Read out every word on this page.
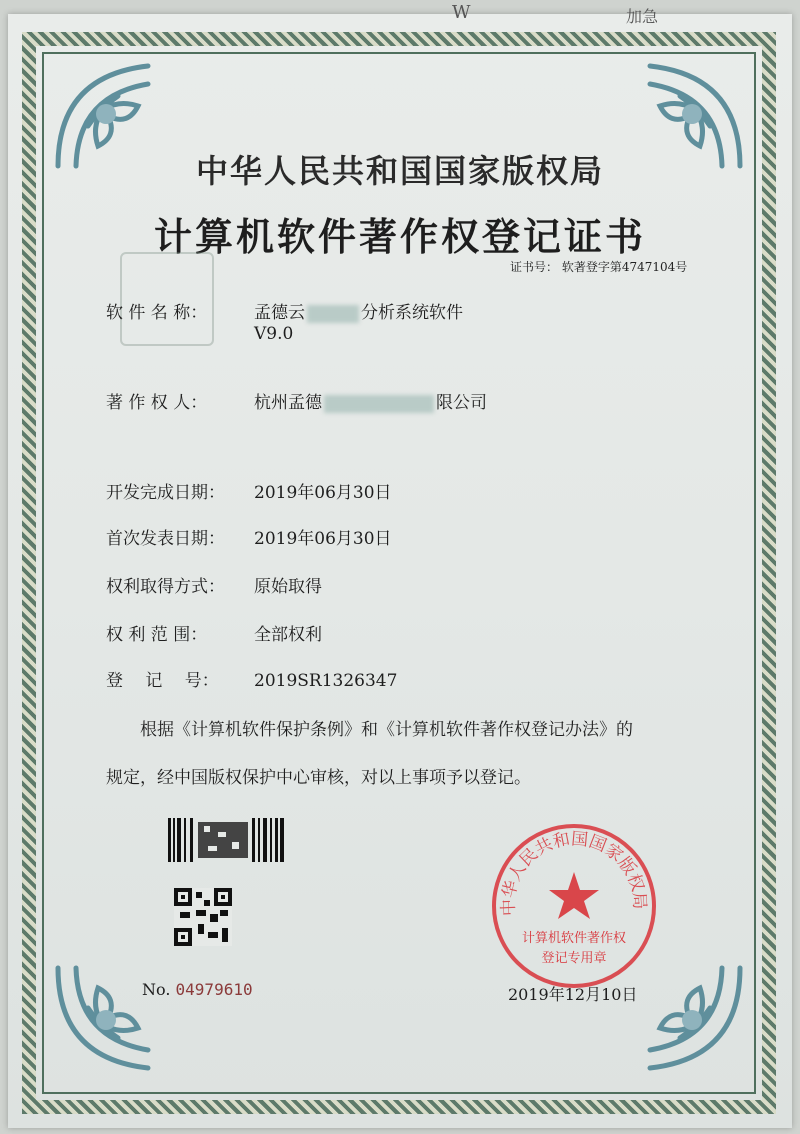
W	加急
中华人民共和国国家版权局
计算机软件著作权登记证书
证书号： 软著登字第4747104号
软 件 名 称：	孟德云	分析系统软件
V9.0
著 作 权 人：	杭州孟德	限公司
开发完成日期： 2019年06月30日
首次发表日期： 2019年06月30日
权利取得方式： 原始取得
权 利 范 围：	全部权利
登　 记 　号： 2019SR1326347
根据《计算机软件保护条例》和《计算机软件著作权登记办法》的
规定，经中国版权保护中心审核，对以上事项予以登记。
No. 04979610
中华人民共和国国家版权局
计算机软件著作权
登记专用章
2019年12月10日
